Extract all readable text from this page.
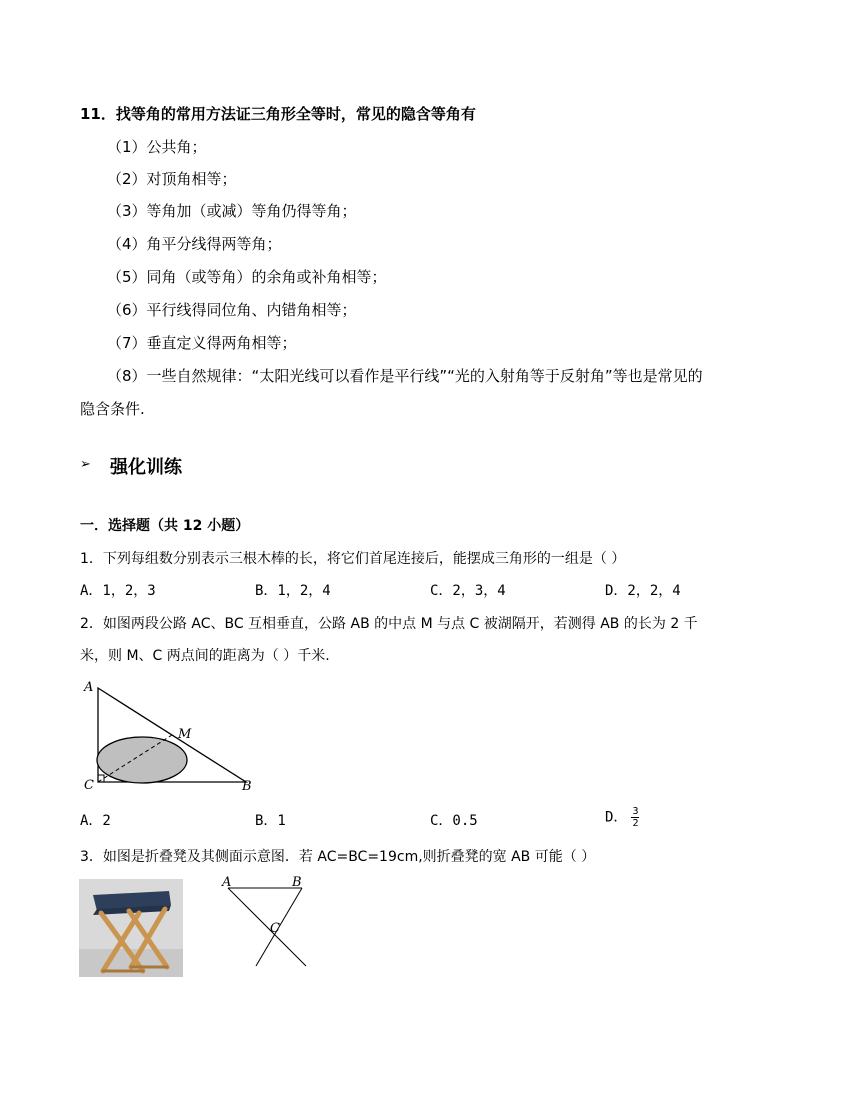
11．找等角的常用方法证三角形全等时，常见的隐含等角有
（1）公共角；
（2）对顶角相等；
（3）等角加（或减）等角仍得等角；
（4）角平分线得两等角；
（5）同角（或等角）的余角或补角相等；
（6）平行线得同位角、内错角相等；
（7）垂直定义得两角相等；
（8）一些自然规律：“太阳光线可以看作是平行线”“光的入射角等于反射角”等也是常见的
隐含条件.
➢ 强化训练
一．选择题（共 12 小题）
1．下列每组数分别表示三根木棒的长，将它们首尾连接后，能摆成三角形的一组是（ ）
A．1，2，3	B．1，2，4	C．2，3，4	D．2，2，4
2．如图两段公路 AC、BC 互相垂直，公路 AB 的中点 M 与点 C 被湖隔开，若测得 AB 的长为 2 千
米，则 M、C 两点间的距离为（ ）千米.
A
B
C
M
A．2	B．1	C．0.5	D． $\frac{3}{2}$
3．如图是折叠凳及其侧面示意图．若 AC=BC=19cm,则折叠凳的宽 AB 可能（ ）
A	B
C
